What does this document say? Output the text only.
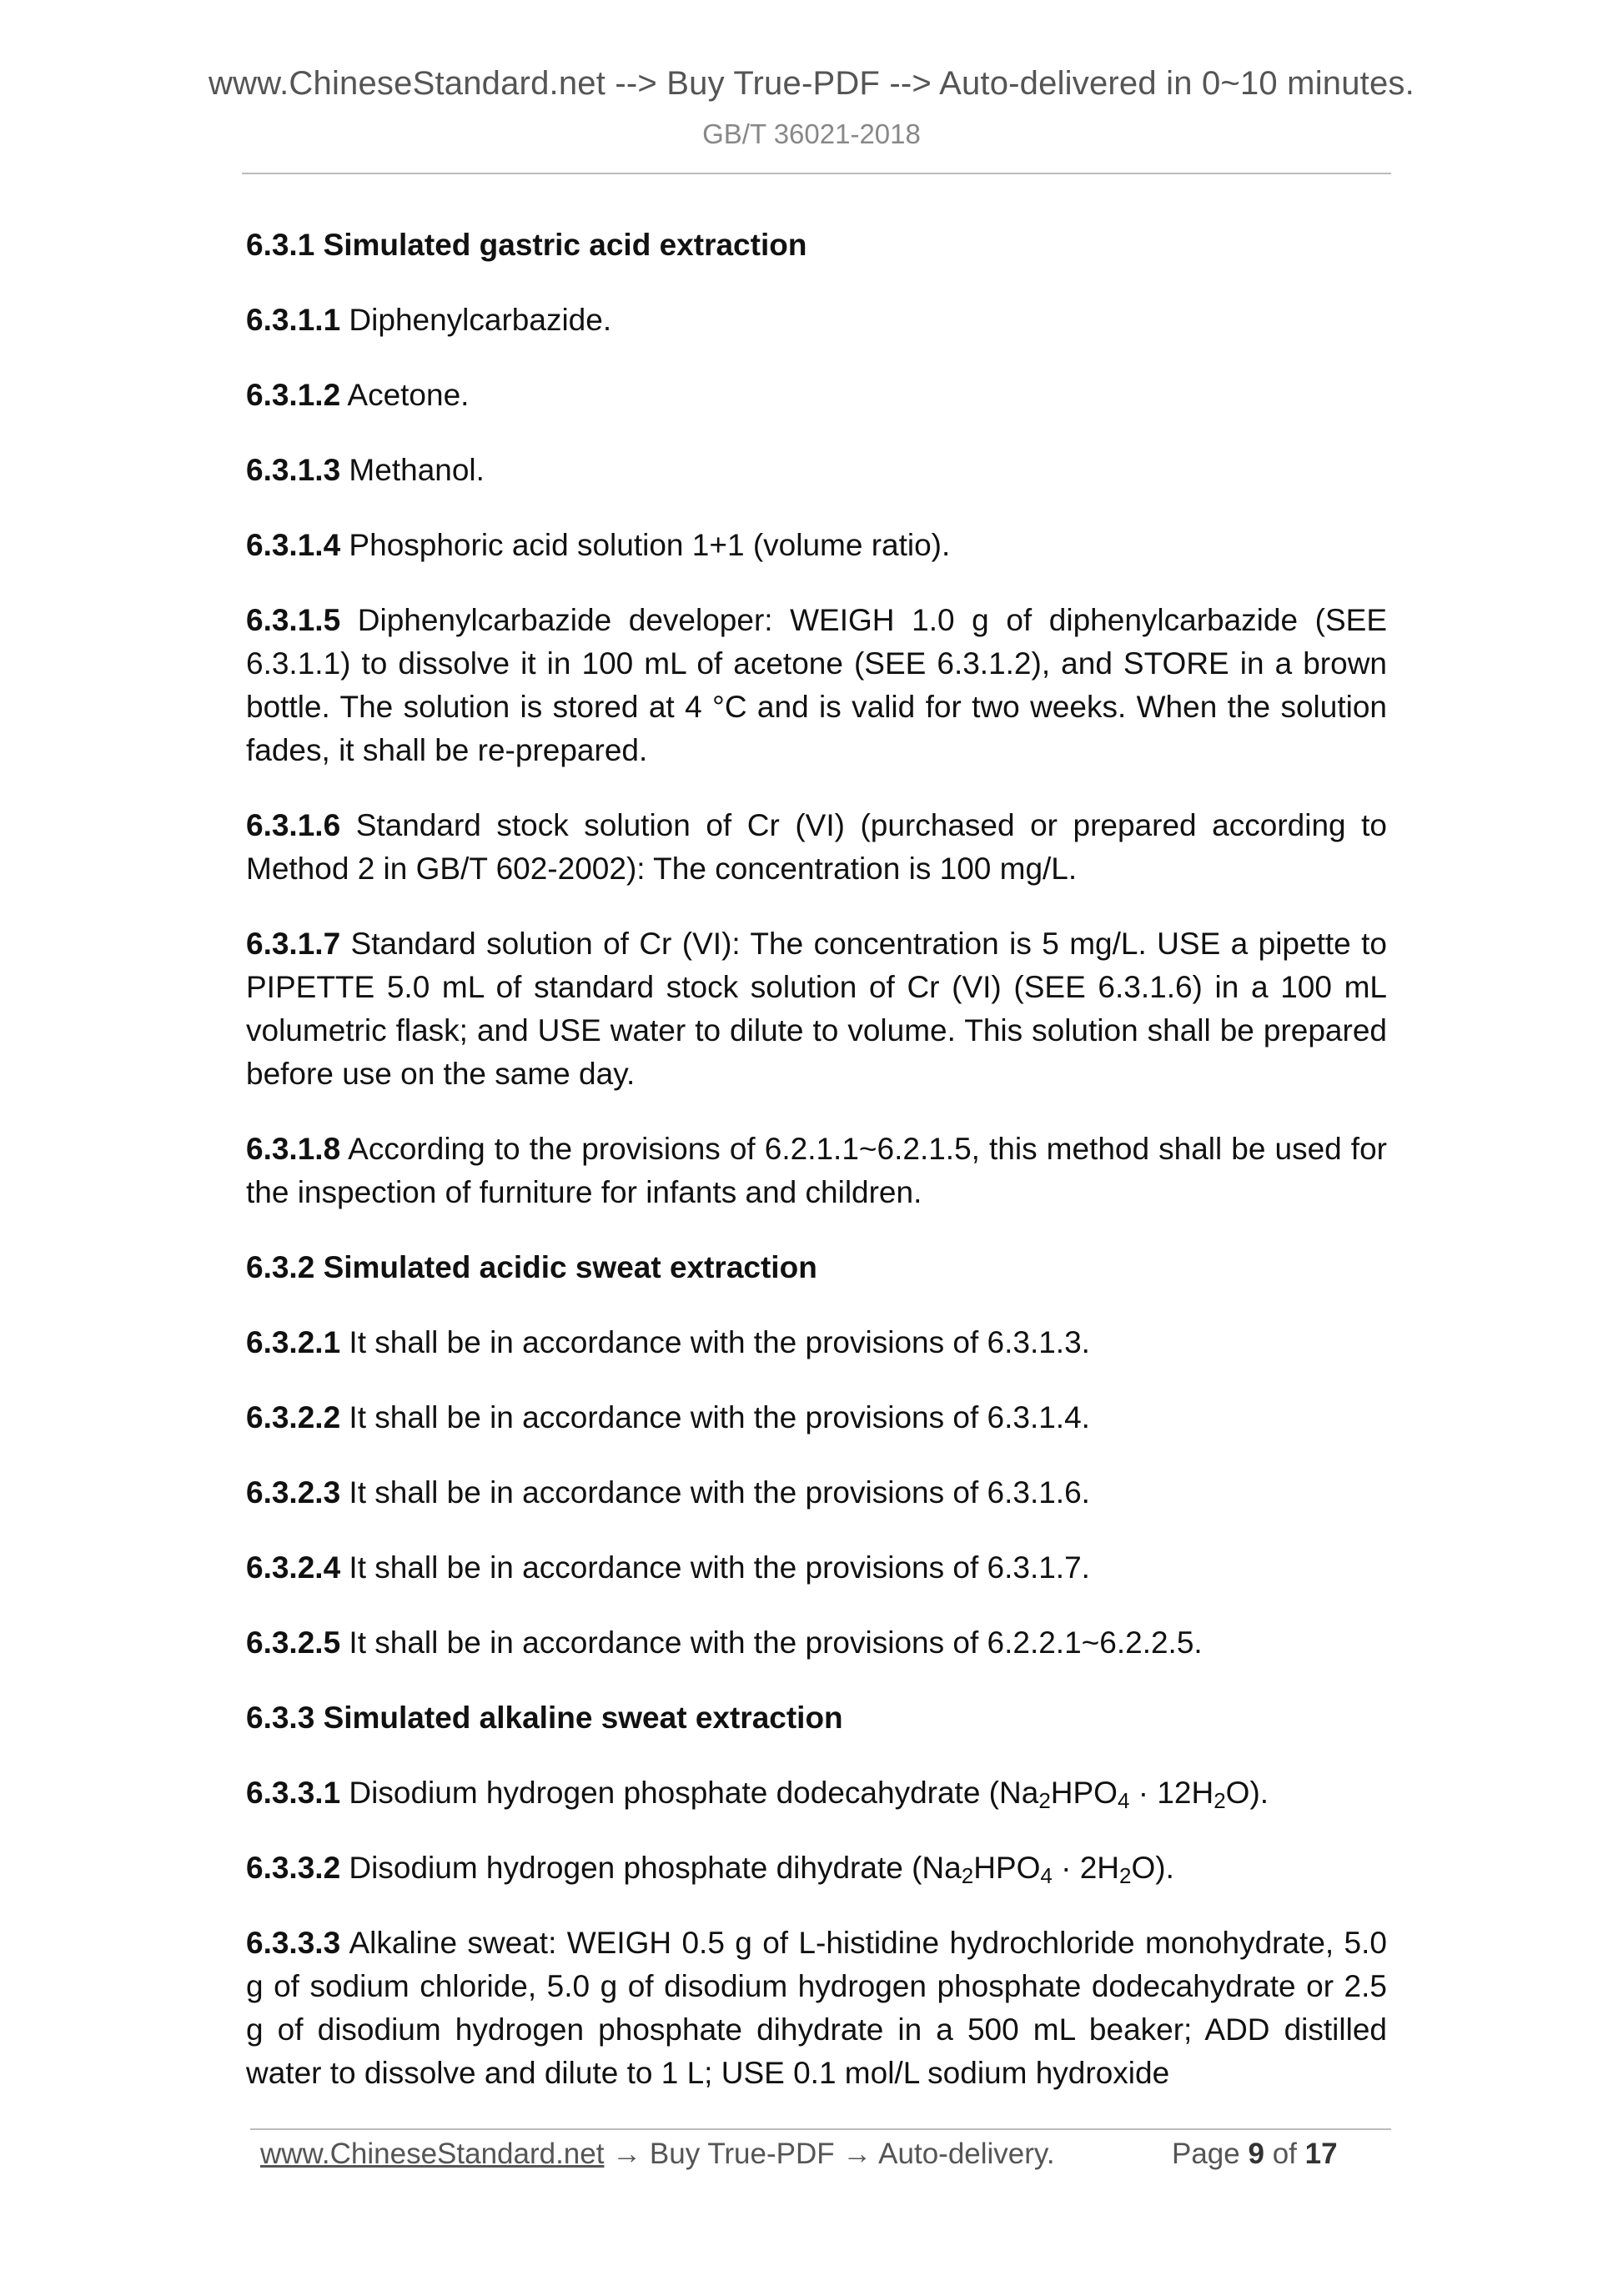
www.ChineseStandard.net --> Buy True-PDF --> Auto-delivered in 0~10 minutes.
GB/T 36021-2018
6.3.1 Simulated gastric acid extraction

6.3.1.1 Diphenylcarbazide.

6.3.1.2 Acetone.

6.3.1.3 Methanol.

6.3.1.4 Phosphoric acid solution 1+1 (volume ratio).

6.3.1.5 Diphenylcarbazide developer: WEIGH 1.0 g of diphenylcarbazide (SEE 6.3.1.1) to dissolve it in 100 mL of acetone (SEE 6.3.1.2), and STORE in a brown bottle. The solution is stored at 4 °C and is valid for two weeks. When the solution fades, it shall be re-prepared.

6.3.1.6 Standard stock solution of Cr (VI) (purchased or prepared according to Method 2 in GB/T 602-2002): The concentration is 100 mg/L.

6.3.1.7 Standard solution of Cr (VI): The concentration is 5 mg/L. USE a pipette to PIPETTE 5.0 mL of standard stock solution of Cr (VI) (SEE 6.3.1.6) in a 100 mL volumetric flask; and USE water to dilute to volume. This solution shall be prepared before use on the same day.

6.3.1.8 According to the provisions of 6.2.1.1~6.2.1.5, this method shall be used for the inspection of furniture for infants and children.

6.3.2 Simulated acidic sweat extraction

6.3.2.1 It shall be in accordance with the provisions of 6.3.1.3.

6.3.2.2 It shall be in accordance with the provisions of 6.3.1.4.

6.3.2.3 It shall be in accordance with the provisions of 6.3.1.6.

6.3.2.4 It shall be in accordance with the provisions of 6.3.1.7.

6.3.2.5 It shall be in accordance with the provisions of 6.2.2.1~6.2.2.5.

6.3.3 Simulated alkaline sweat extraction

6.3.3.1 Disodium hydrogen phosphate dodecahydrate $(Na_2HPO_4 \cdot 12H_2O)$.

6.3.3.2 Disodium hydrogen phosphate dihydrate $(Na_2HPO_4 \cdot 2H_2O)$.

6.3.3.3 Alkaline sweat: WEIGH 0.5 g of L-histidine hydrochloride monohydrate, 5.0 g of sodium chloride, 5.0 g of disodium hydrogen phosphate dodecahydrate or 2.5 g of disodium hydrogen phosphate dihydrate in a 500 mL beaker; ADD distilled water to dissolve and dilute to 1 L; USE 0.1 mol/L sodium hydroxide

www.ChineseStandard.net → Buy True-PDF → Auto-delivery.	Page 9 of 17
